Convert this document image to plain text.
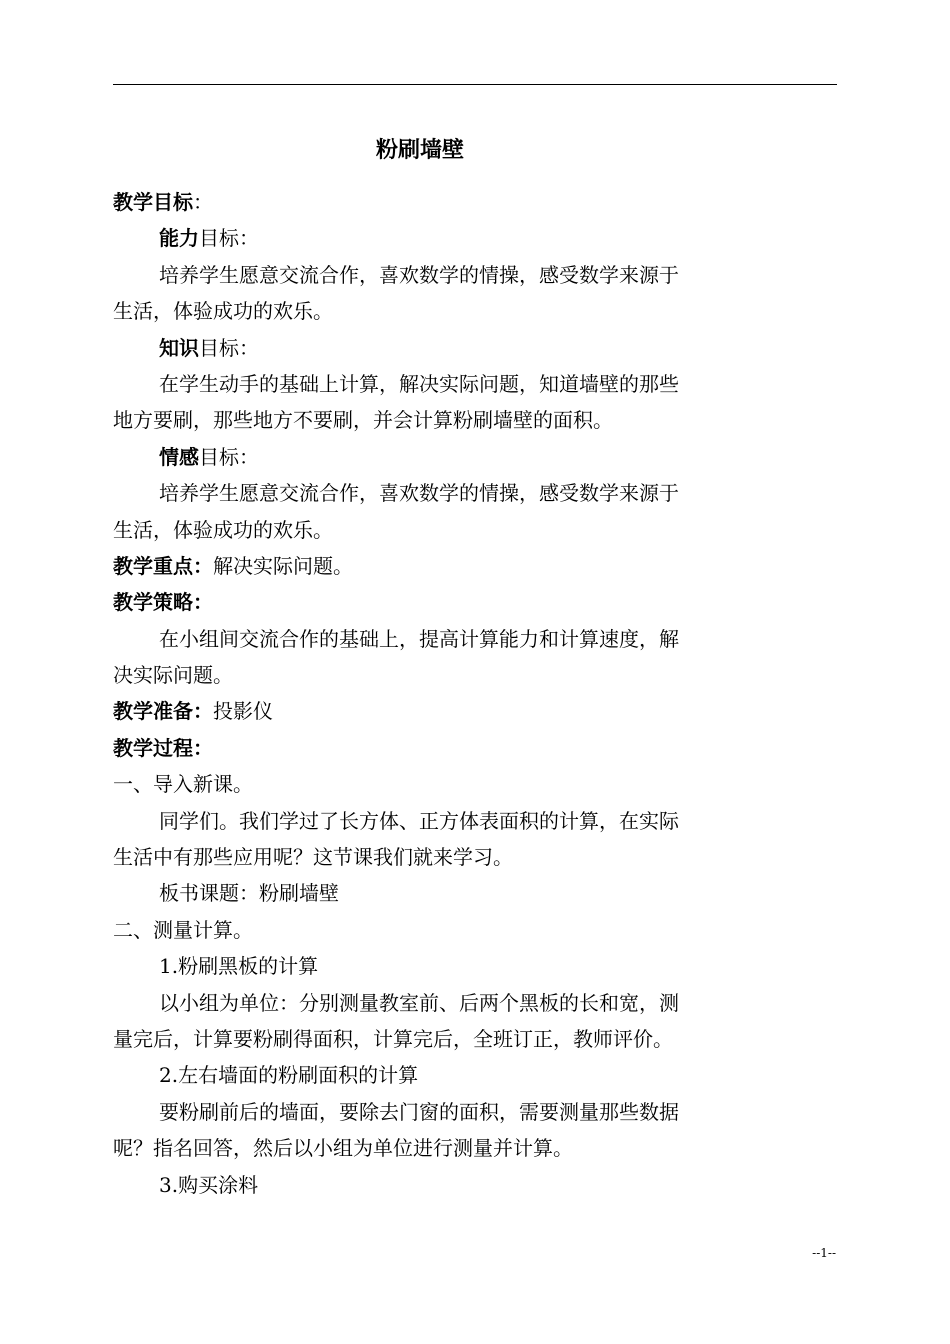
粉刷墙壁
教学目标：
能力目标：
培养学生愿意交流合作，喜欢数学的情操，感受数学来源于
生活，体验成功的欢乐。
知识目标：
在学生动手的基础上计算，解决实际问题，知道墙壁的那些
地方要刷，那些地方不要刷，并会计算粉刷墙壁的面积。
情感目标：
培养学生愿意交流合作，喜欢数学的情操，感受数学来源于
生活，体验成功的欢乐。
教学重点：解决实际问题。
教学策略：
在小组间交流合作的基础上，提高计算能力和计算速度，解
决实际问题。
教学准备：投影仪
教学过程：
一、导入新课。
同学们。我们学过了长方体、正方体表面积的计算，在实际
生活中有那些应用呢？这节课我们就来学习。
板书课题：粉刷墙壁
二、测量计算。
1.粉刷黑板的计算
以小组为单位：分别测量教室前、后两个黑板的长和宽，测
量完后，计算要粉刷得面积，计算完后，全班订正，教师评价。
2.左右墙面的粉刷面积的计算
要粉刷前后的墙面，要除去门窗的面积，需要测量那些数据
呢？指名回答，然后以小组为单位进行测量并计算。
3.购买涂料
--1--
